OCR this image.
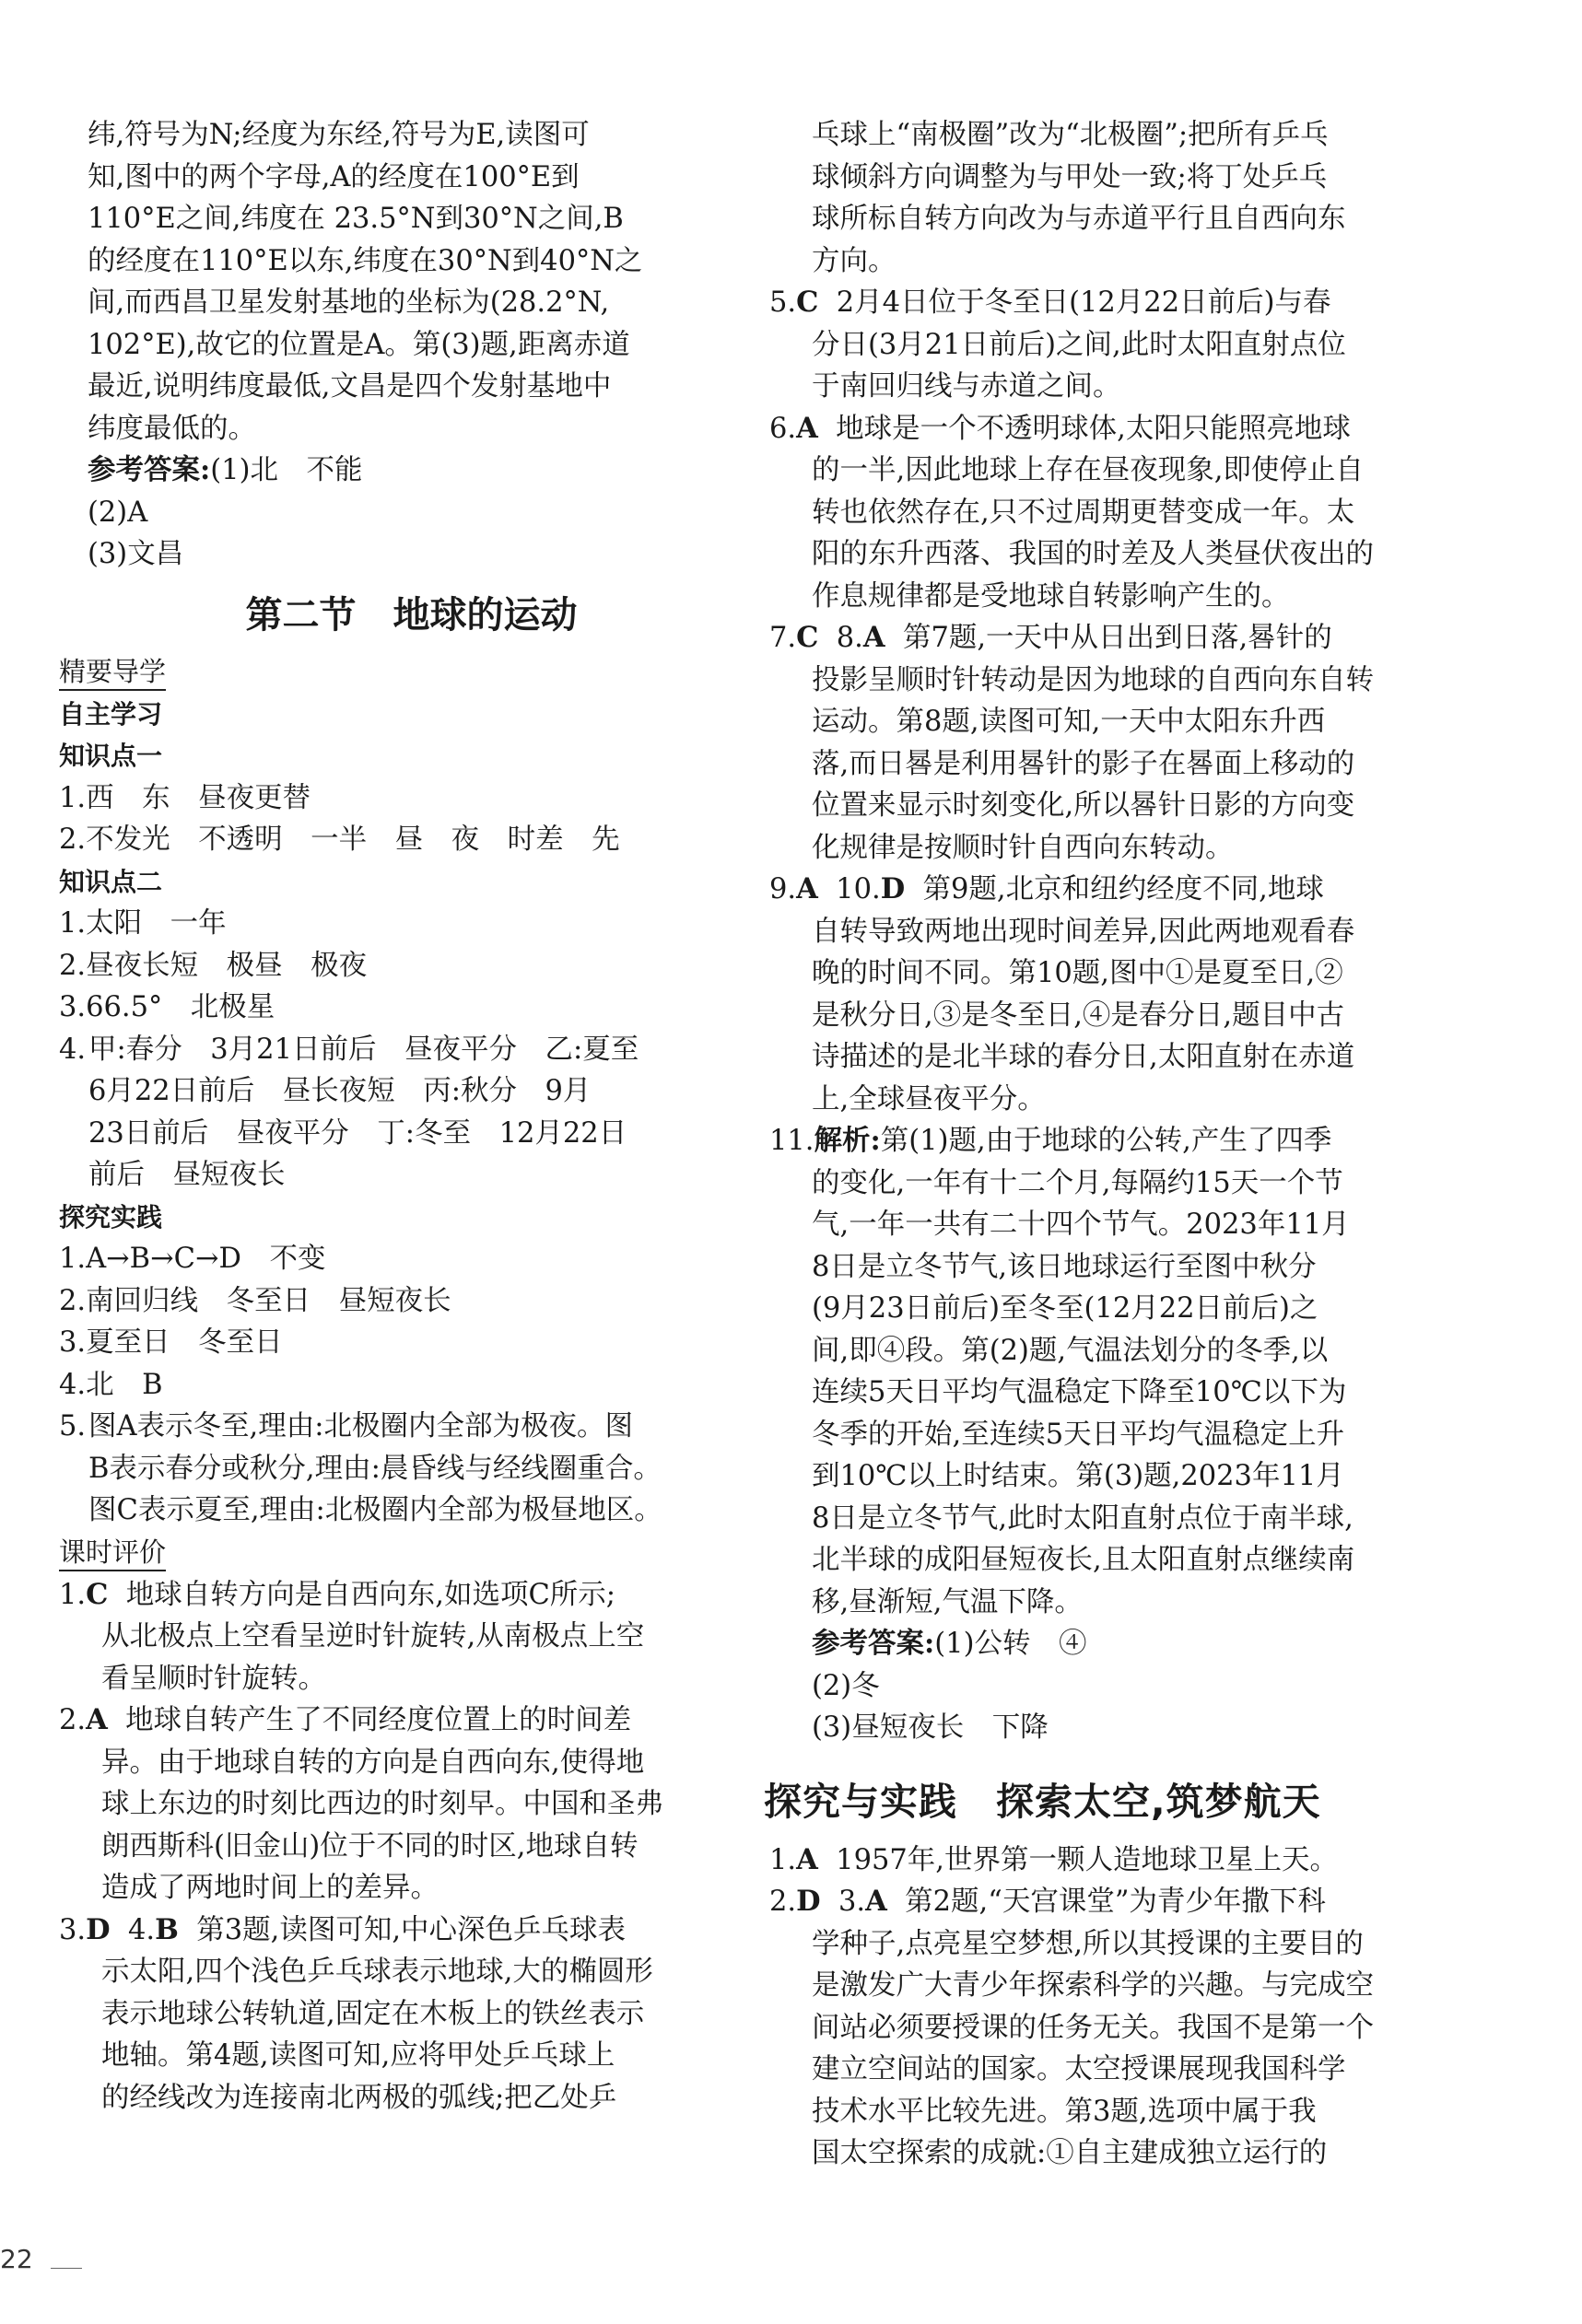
纬,符号为N;经度为东经,符号为E,读图可
知,图中的两个字母,A的经度在100°E到
110°E之间,纬度在 23.5°N到30°N之间,B
的经度在110°E以东,纬度在30°N到40°N之
间,而西昌卫星发射基地的坐标为(28.2°N,
102°E),故它的位置是A。第(3)题,距离赤道
最近,说明纬度最低,文昌是四个发射基地中
纬度最低的。
参考答案:(1)北　不能
(2)A
(3)文昌
第二节　地球的运动
精要导学
自主学习
知识点一
1.西　东　昼夜更替
2.不发光　不透明　一半　昼　夜　时差　先
知识点二
1.太阳　一年
2.昼夜长短　极昼　极夜
3.66.5°　北极星
4. 甲:春分　3月21日前后　昼夜平分　乙:夏至
6月22日前后　昼长夜短　丙:秋分　9月
23日前后　昼夜平分　丁:冬至　12月22日
前后　昼短夜长
探究实践
1.A→B→C→D　不变
2.南回归线　冬至日　昼短夜长
3.夏至日　冬至日
4.北　B
5. 图A表示冬至,理由:北极圈内全部为极夜。图
B表示春分或秋分,理由:晨昏线与经线圈重合。
图C表示夏至,理由:北极圈内全部为极昼地区。
课时评价
1.C 地球自转方向是自西向东,如选项C所示;
从北极点上空看呈逆时针旋转,从南极点上空
看呈顺时针旋转。
2.A 地球自转产生了不同经度位置上的时间差
异。由于地球自转的方向是自西向东,使得地
球上东边的时刻比西边的时刻早。中国和圣弗
朗西斯科(旧金山)位于不同的时区,地球自转
造成了两地时间上的差异。
3.D 4.B 第3题,读图可知,中心深色乒乓球表
示太阳,四个浅色乒乓球表示地球,大的椭圆形
表示地球公转轨道,固定在木板上的铁丝表示
地轴。第4题,读图可知,应将甲处乒乓球上
的经线改为连接南北两极的弧线;把乙处乒
乓球上“南极圈”改为“北极圈”;把所有乒乓
球倾斜方向调整为与甲处一致;将丁处乒乓
球所标自转方向改为与赤道平行且自西向东
方向。
5.C 2月4日位于冬至日(12月22日前后)与春
分日(3月21日前后)之间,此时太阳直射点位
于南回归线与赤道之间。
6.A 地球是一个不透明球体,太阳只能照亮地球
的一半,因此地球上存在昼夜现象,即使停止自
转也依然存在,只不过周期更替变成一年。太
阳的东升西落、我国的时差及人类昼伏夜出的
作息规律都是受地球自转影响产生的。
7.C 8.A 第7题,一天中从日出到日落,晷针的
投影呈顺时针转动是因为地球的自西向东自转
运动。第8题,读图可知,一天中太阳东升西
落,而日晷是利用晷针的影子在晷面上移动的
位置来显示时刻变化,所以晷针日影的方向变
化规律是按顺时针自西向东转动。
9.A 10.D 第9题,北京和纽约经度不同,地球
自转导致两地出现时间差异,因此两地观看春
晚的时间不同。第10题,图中①是夏至日,②
是秋分日,③是冬至日,④是春分日,题目中古
诗描述的是北半球的春分日,太阳直射在赤道
上,全球昼夜平分。
11.解析: 第(1)题,由于地球的公转,产生了四季
的变化,一年有十二个月,每隔约15天一个节
气,一年一共有二十四个节气。2023年11月
8日是立冬节气,该日地球运行至图中秋分
(9月23日前后)至冬至(12月22日前后)之
间,即④段。第(2)题,气温法划分的冬季,以
连续5天日平均气温稳定下降至10℃以下为
冬季的开始,至连续5天日平均气温稳定上升
到10℃以上时结束。第(3)题,2023年11月
8日是立冬节气,此时太阳直射点位于南半球,
北半球的成阳昼短夜长,且太阳直射点继续南
移,昼渐短,气温下降。
参考答案:(1)公转　④
(2)冬
(3)昼短夜长　下降
探究与实践　探索太空,筑梦航天
1.A 1957年,世界第一颗人造地球卫星上天。
2.D 3.A 第2题,“天宫课堂”为青少年撒下科
学种子,点亮星空梦想,所以其授课的主要目的
是激发广大青少年探索科学的兴趣。与完成空
间站必须要授课的任务无关。我国不是第一个
建立空间站的国家。太空授课展现我国科学
技术水平比较先进。第3题,选项中属于我
国太空探索的成就:①自主建成独立运行的
22
